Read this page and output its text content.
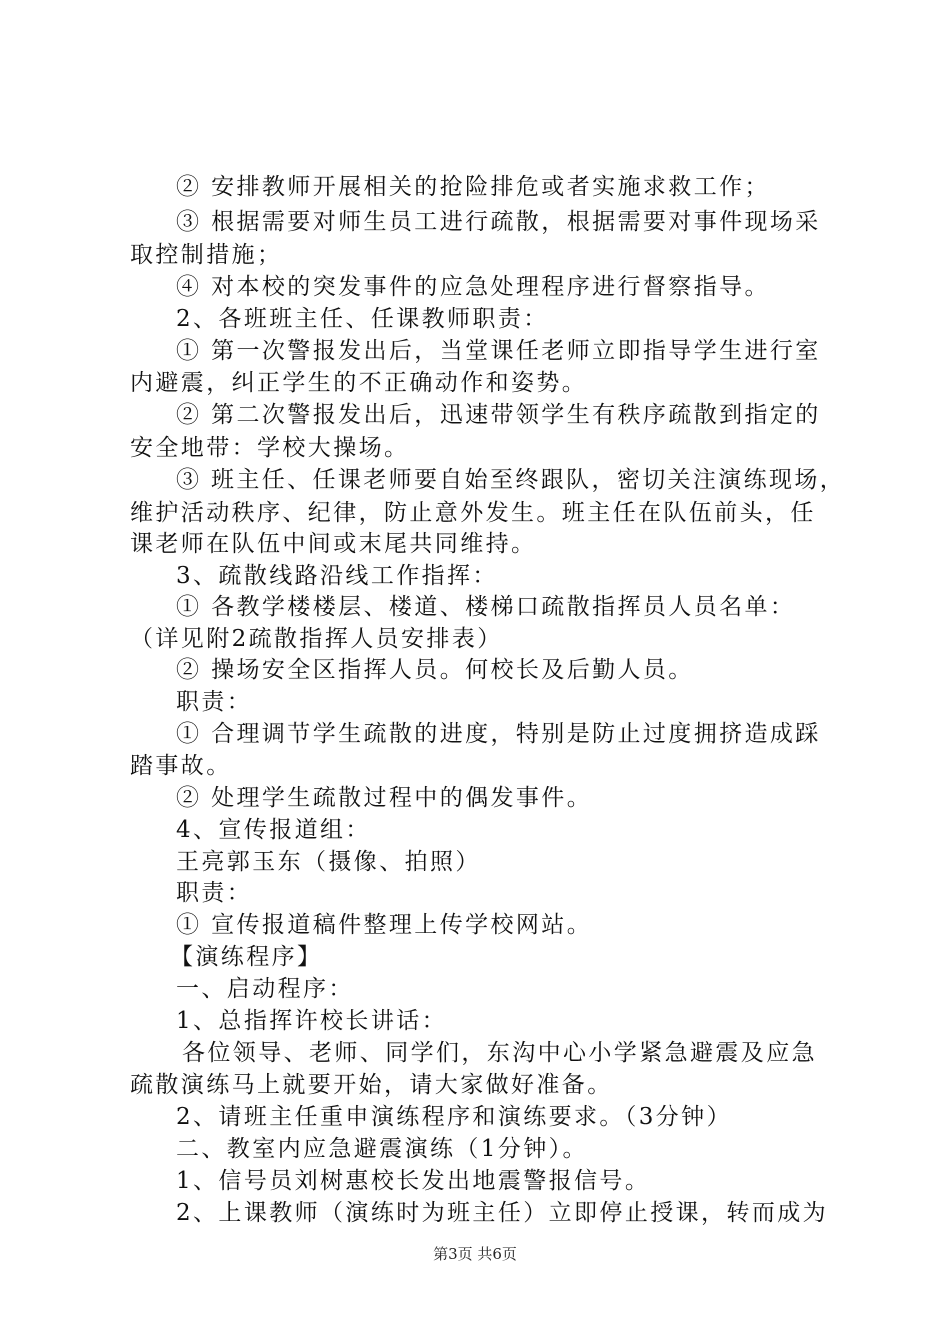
② 安排教师开展相关的抢险排危或者实施求救工作；
③ 根据需要对师生员工进行疏散，根据需要对事件现场采
取控制措施；
④ 对本校的突发事件的应急处理程序进行督察指导。
2、各班班主任、任课教师职责：
① 第一次警报发出后，当堂课任老师立即指导学生进行室
内避震，纠正学生的不正确动作和姿势。
② 第二次警报发出后，迅速带领学生有秩序疏散到指定的
安全地带：学校大操场。
③ 班主任、任课老师要自始至终跟队，密切关注演练现场，
维护活动秩序、纪律，防止意外发生。班主任在队伍前头，任
课老师在队伍中间或末尾共同维持。
3、疏散线路沿线工作指挥：
① 各教学楼楼层、楼道、楼梯口疏散指挥员人员名单：
（详见附2疏散指挥人员安排表）
② 操场安全区指挥人员。何校长及后勤人员。
职责：
① 合理调节学生疏散的进度，特别是防止过度拥挤造成踩
踏事故。
② 处理学生疏散过程中的偶发事件。
4、宣传报道组：
王亮郭玉东（摄像、拍照）
职责：
① 宣传报道稿件整理上传学校网站。
【演练程序】
一、启动程序：
1、总指挥许校长讲话：
各位领导、老师、同学们，东沟中心小学紧急避震及应急
疏散演练马上就要开始，请大家做好准备。
2、请班主任重申演练程序和演练要求。（3分钟）
二、教室内应急避震演练（1分钟）。
1、信号员刘树惠校长发出地震警报信号。
2、上课教师（演练时为班主任）立即停止授课，转而成为
第3页 共6页
